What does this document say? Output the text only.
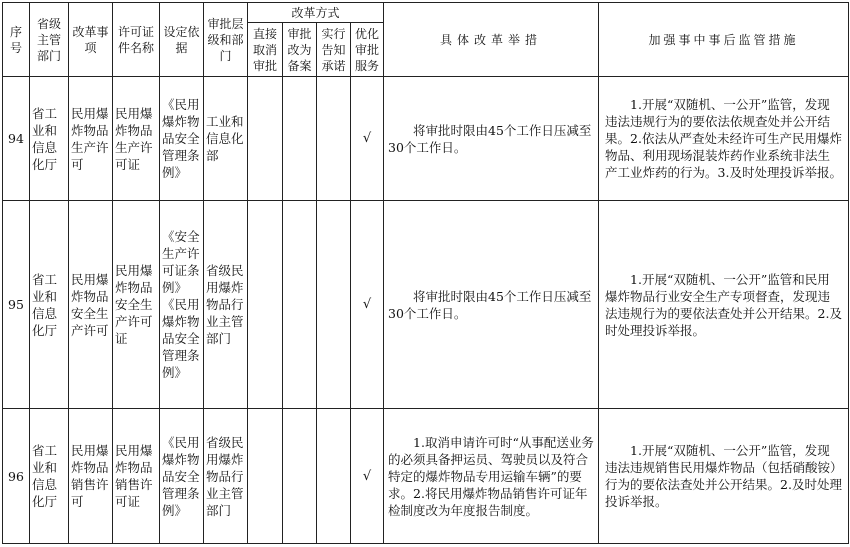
序号	省级主管部门	改革事项	许可证件名称	设定依据	审批层级和部门	改革方式				具体改革举措	加强事中事后监管措施
						直接取消审批	审批改为备案	实行告知承诺	优化审批服务		
94	省工业和信息化厅	民用爆炸物品生产许可	民用爆炸物品生产许可证	《民用爆炸物品安全管理条例》	工业和信息化部				√	将审批时限由45个工作日压减至30个工作日。	1.开展“双随机、一公开”监管，发现违法违规行为的要依法依规查处并公开结果。2.依法从严查处未经许可生产民用爆炸物品、利用现场混装炸药作业系统非法生产工业炸药的行为。3.及时处理投诉举报。

95	省工业和信息化厅	民用爆炸物品安全生产许可	民用爆炸物品安全生产许可证	《安全生产许可证条例》《民用爆炸物品安全管理条例》	省级民用爆炸物品行业主管部门				√	将审批时限由45个工作日压减至30个工作日。	1.开展“双随机、一公开”监管和民用爆炸物品行业安全生产专项督查，发现违法违规行为的要依法查处并公开结果。2.及时处理投诉举报。

96	省工业和信息化厅	民用爆炸物品销售许可	民用爆炸物品销售许可证	《民用爆炸物品安全管理条例》	省级民用爆炸物品行业主管部门				√	1.取消申请许可时“从事配送业务的必须具备押运员、驾驶员以及符合特定的爆炸物品专用运输车辆”的要求。2.将民用爆炸物品销售许可证年检制度改为年度报告制度。	1.开展“双随机、一公开”监管，发现违法违规销售民用爆炸物品（包括硝酸铵）行为的要依法查处并公开结果。2.及时处理投诉举报。
